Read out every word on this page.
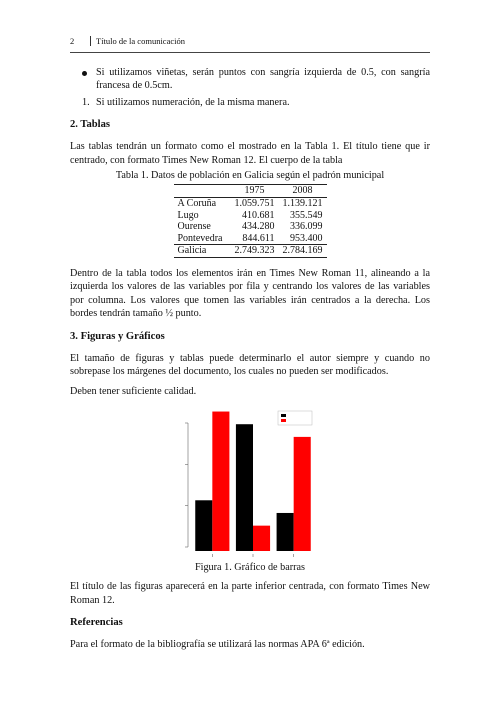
2	Título de la comunicación
Si utilizamos viñetas, serán puntos con sangría izquierda de 0.5, con sangría francesa de 0.5cm.
1. Si utilizamos numeración, de la misma manera.
2. Tablas

Las tablas tendrán un formato como el mostrado en la Tabla 1. El título tiene que ir centrado, con formato Times New Roman 12. El cuerpo de la tabla

Tabla 1. Datos de población en Galicia según el padrón municipal
	1975	2008
A Coruña	1.059.751	1.139.121
Lugo	410.681	355.549
Ourense	434.280	336.099
Pontevedra	844.611	953.400
Galicia	2.749.323	2.784.169

Dentro de la tabla todos los elementos irán en Times New Roman 11, alineando a la izquierda los valores de las variables por fila y centrando los valores de las variables por columna. Los valores que tomen las variables irán centrados a la derecha. Los bordes tendrán tamaño ½ punto.

3. Figuras y Gráficos

El tamaño de figuras y tablas puede determinarlo el autor siempre y cuando no sobrepase los márgenes del documento, los cuales no pueden ser modificados.

Deben tener suficiente calidad.

Figura 1. Gráfico de barras

El título de las figuras aparecerá en la parte inferior centrada, con formato Times New Roman 12.

Referencias

Para el formato de la bibliografía se utilizará las normas APA 6ª edición.
